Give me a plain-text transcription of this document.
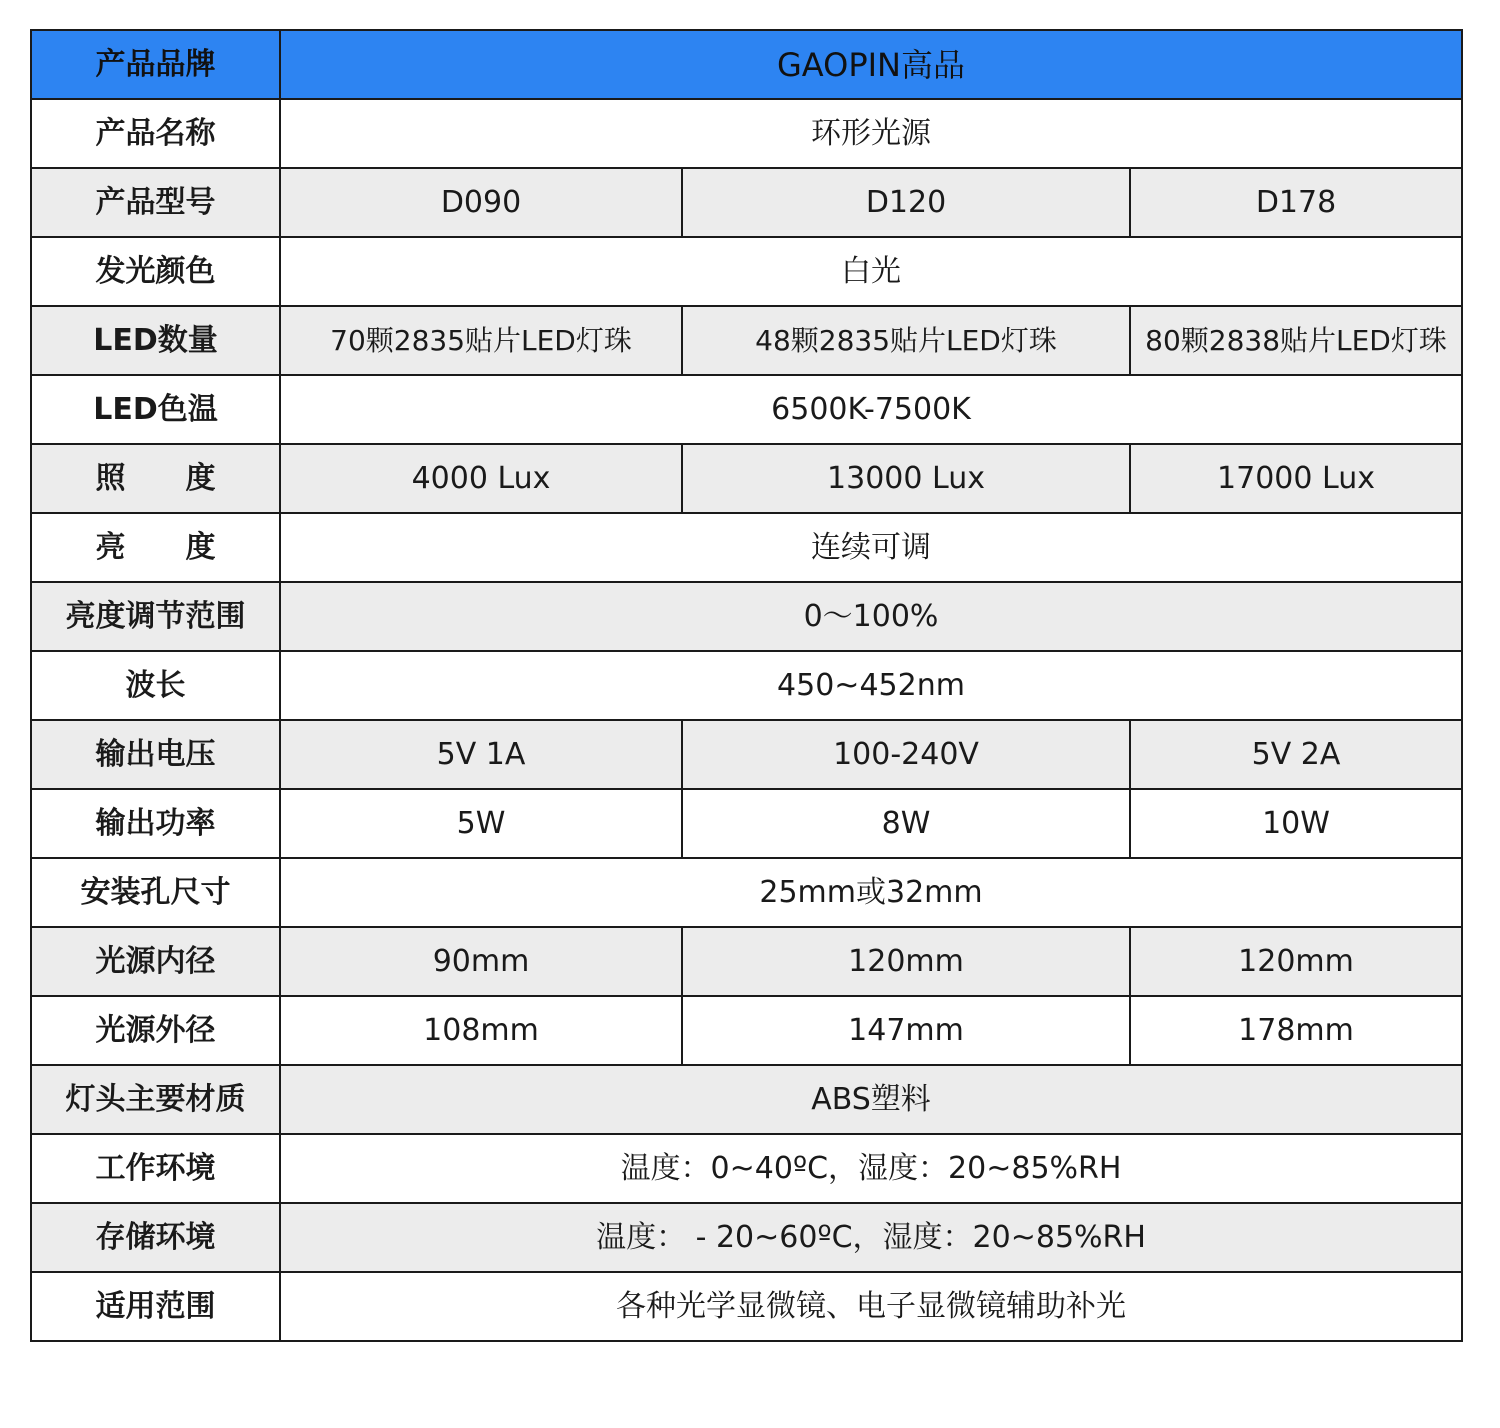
产品品牌	GAOPIN高品		
产品名称	环形光源		
产品型号	D090	D120	D178
发光颜色	白光		
LED数量	70颗2835贴片LED灯珠	48颗2835贴片LED灯珠	80颗2838贴片LED灯珠
LED色温	6500K-7500K		
照　　度	4000 Lux	13000 Lux	17000 Lux
亮　　度	连续可调		
亮度调节范围	0～100%		
波长	450~452nm		
输出电压	5V 1A	100-240V	5V 2A
输出功率	5W	8W	10W
安装孔尺寸	25mm或32mm		
光源内径	90mm	120mm	120mm
光源外径	108mm	147mm	178mm
灯头主要材质	ABS塑料		
工作环境	温度：0~40ºC，湿度：20~85%RH		
存储环境	温度： - 20~60ºC，湿度：20~85%RH		
适用范围	各种光学显微镜、电子显微镜辅助补光		
